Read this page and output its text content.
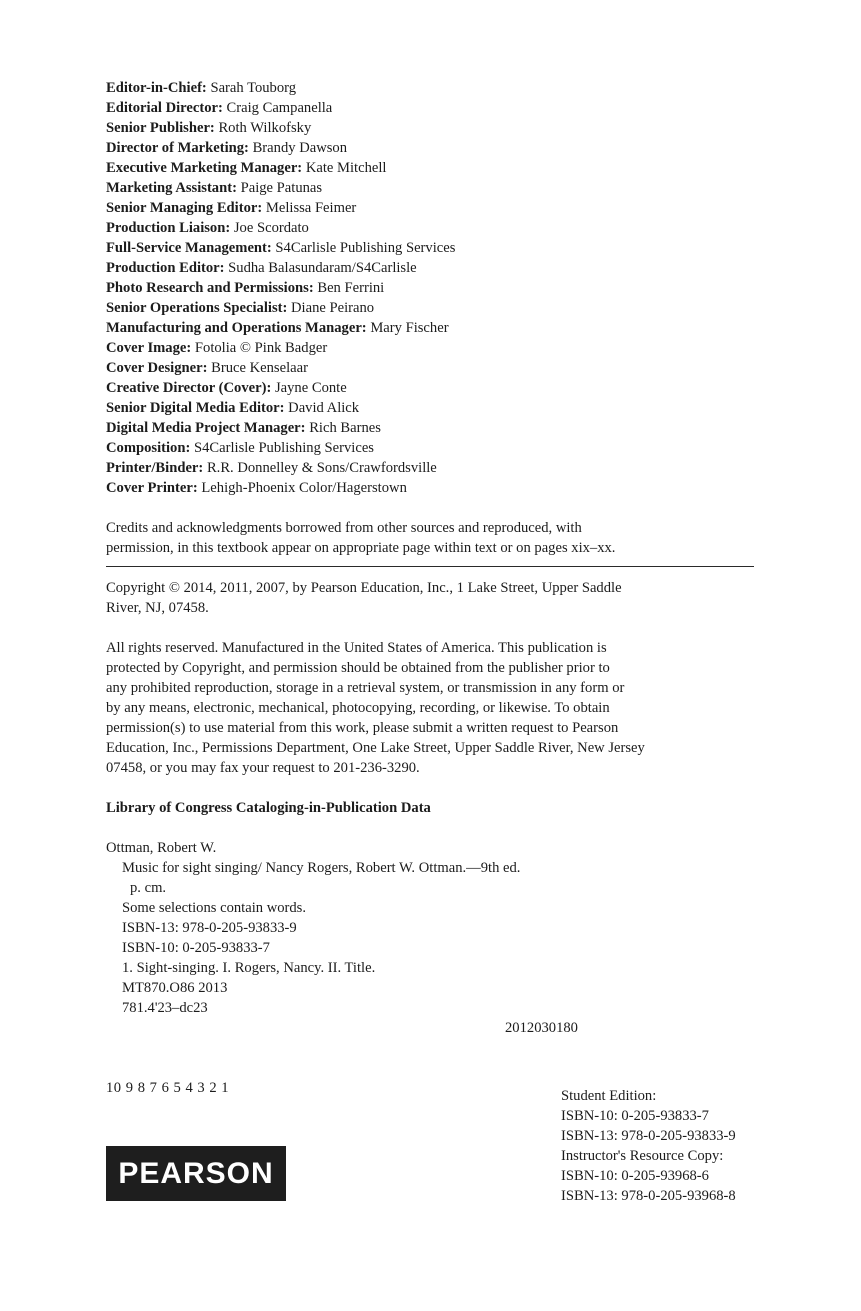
Editor-in-Chief: Sarah Touborg
Editorial Director: Craig Campanella
Senior Publisher: Roth Wilkofsky
Director of Marketing: Brandy Dawson
Executive Marketing Manager: Kate Mitchell
Marketing Assistant: Paige Patunas
Senior Managing Editor: Melissa Feimer
Production Liaison: Joe Scordato
Full-Service Management: S4Carlisle Publishing Services
Production Editor: Sudha Balasundaram/S4Carlisle
Photo Research and Permissions: Ben Ferrini
Senior Operations Specialist: Diane Peirano
Manufacturing and Operations Manager: Mary Fischer
Cover Image: Fotolia © Pink Badger
Cover Designer: Bruce Kenselaar
Creative Director (Cover): Jayne Conte
Senior Digital Media Editor: David Alick
Digital Media Project Manager: Rich Barnes
Composition: S4Carlisle Publishing Services
Printer/Binder: R.R. Donnelley & Sons/Crawfordsville
Cover Printer: Lehigh-Phoenix Color/Hagerstown
Credits and acknowledgments borrowed from other sources and reproduced, with
permission, in this textbook appear on appropriate page within text or on pages xix–xx.
Copyright © 2014, 2011, 2007, by Pearson Education, Inc., 1 Lake Street, Upper Saddle
River, NJ, 07458.
All rights reserved. Manufactured in the United States of America. This publication is
protected by Copyright, and permission should be obtained from the publisher prior to
any prohibited reproduction, storage in a retrieval system, or transmission in any form or
by any means, electronic, mechanical, photocopying, recording, or likewise. To obtain
permission(s) to use material from this work, please submit a written request to Pearson
Education, Inc., Permissions Department, One Lake Street, Upper Saddle River, New Jersey
07458, or you may fax your request to 201-236-3290.
Library of Congress Cataloging-in-Publication Data
Ottman, Robert W.
Music for sight singing/ Nancy Rogers, Robert W. Ottman.—9th ed.
p. cm.
Some selections contain words.
ISBN-13: 978-0-205-93833-9
ISBN-10: 0-205-93833-7
1. Sight-singing. I. Rogers, Nancy. II. Title.
MT870.O86 2013
781.4'23–dc23
2012030180
10 9 8 7 6 5 4 3 2 1
PEARSON
Student Edition:
ISBN-10: 0-205-93833-7
ISBN-13: 978-0-205-93833-9
Instructor's Resource Copy:
ISBN-10: 0-205-93968-6
ISBN-13: 978-0-205-93968-8
